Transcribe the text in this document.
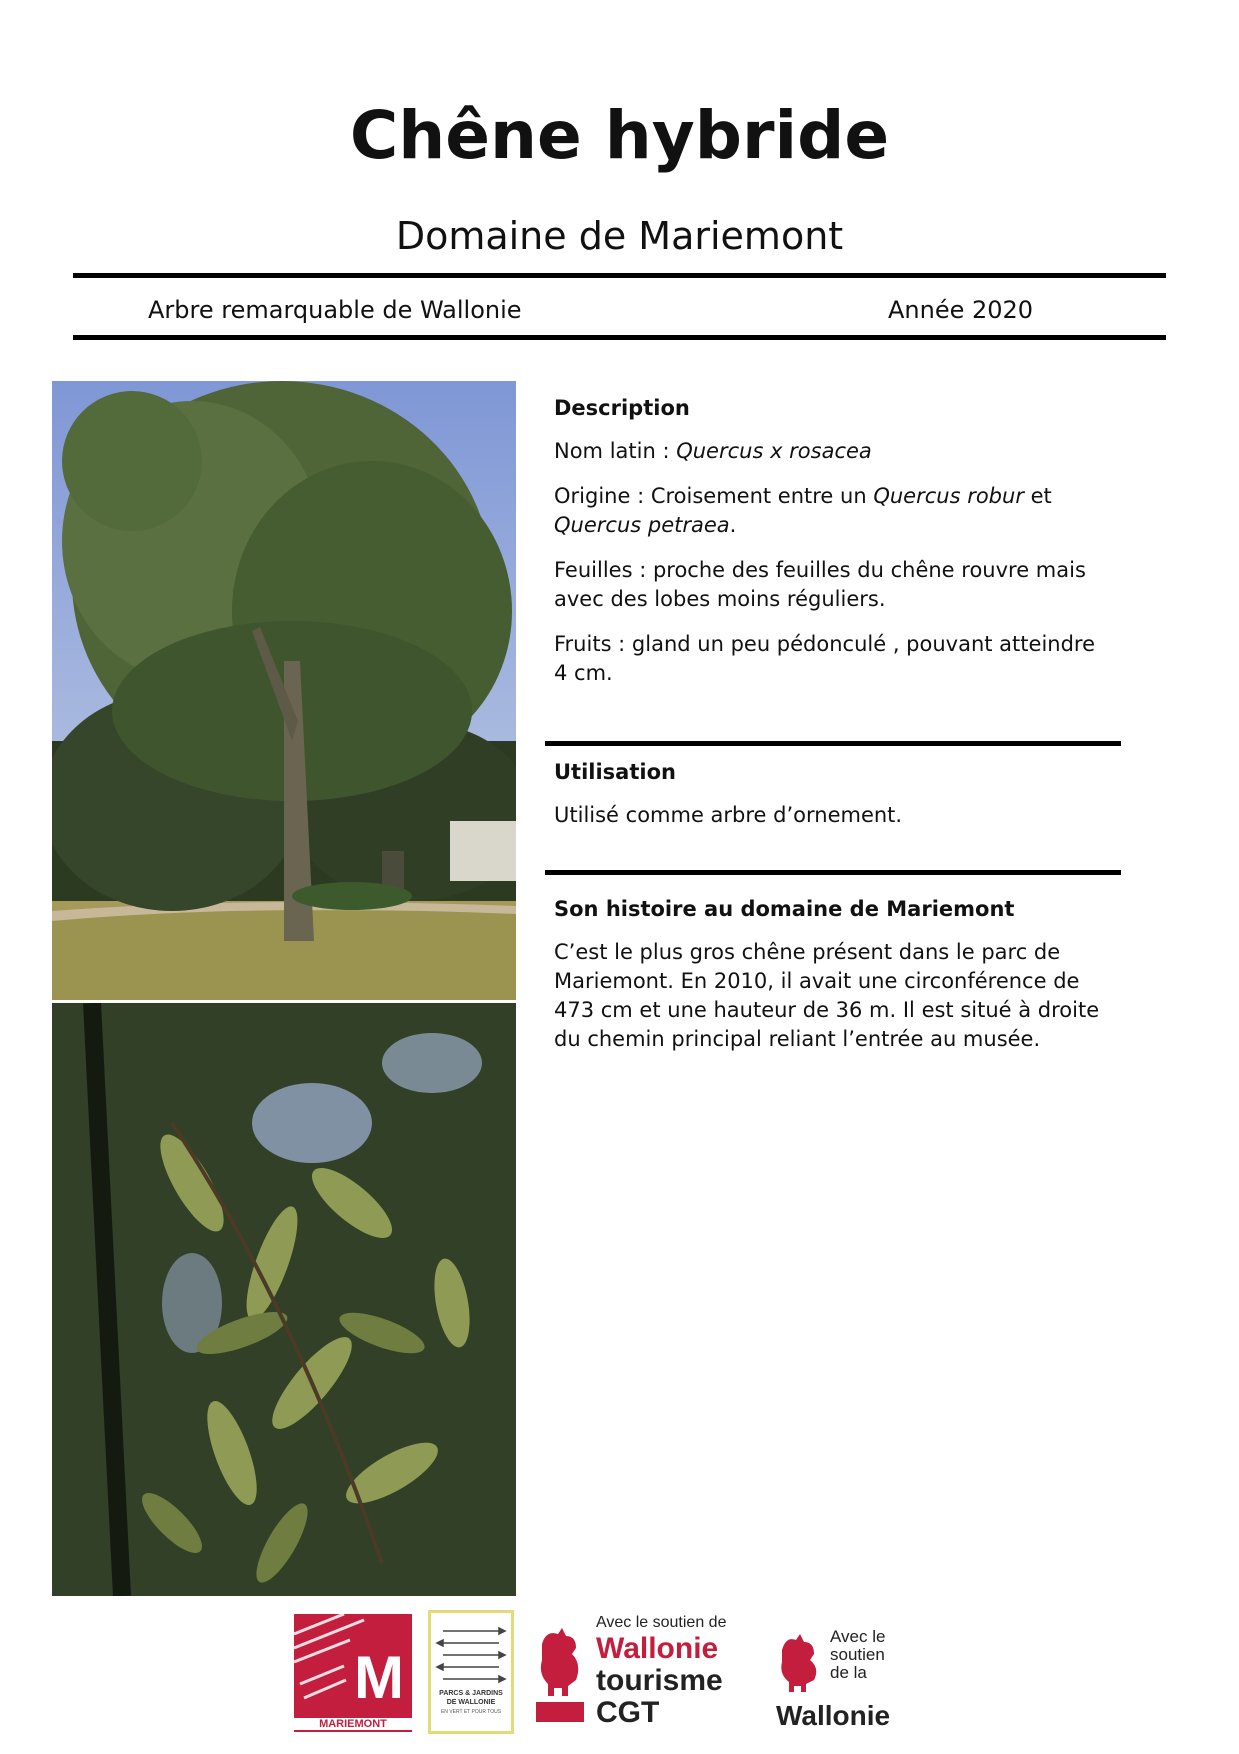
Chêne hybride
Domaine de Mariemont
Arbre remarquable de Wallonie	Année 2020
Description

Nom latin : Quercus x rosacea

Origine : Croisement entre un Quercus robur et Quercus petraea.

Feuilles : proche des feuilles du chêne rouvre mais avec des lobes moins réguliers.

Fruits : gland un peu pédonculé , pouvant atteindre 4 cm.

Utilisation

Utilisé comme arbre d’ornement.

Son histoire au domaine de Mariemont

C’est le plus gros chêne présent dans le parc de Mariemont. En 2010, il avait une circonférence de 473 cm et une hauteur de 36 m. Il est situé à droite du chemin principal reliant l’entrée au musée.

M
MARIEMONT
PARCS & JARDINS
DE WALLONIE
EN VERT ET POUR TOUS
Avec le soutien de
Wallonie
tourisme
CGT
Avec le
soutien
de la
Wallonie
